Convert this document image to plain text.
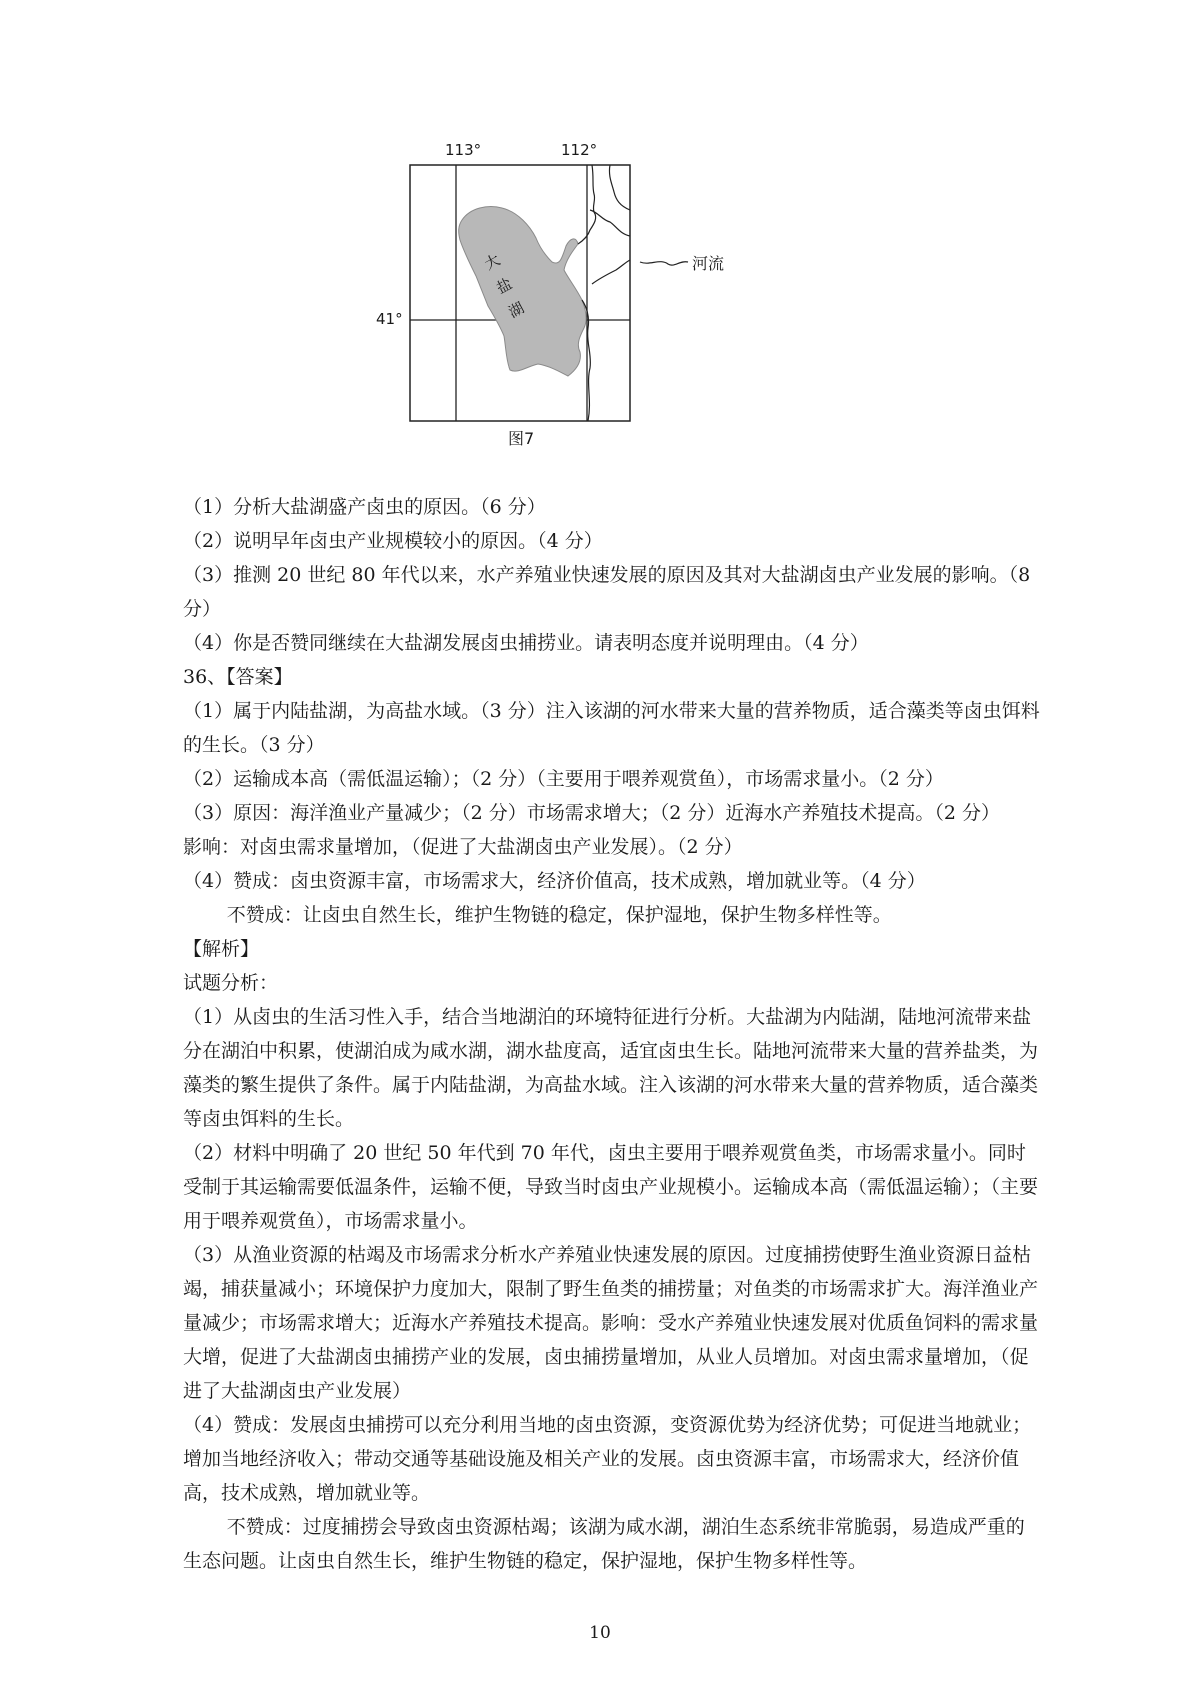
大
盐
湖
113°	112°
41°
河流
图7

（1）分析大盐湖盛产卤虫的原因。（6 分）

（2）说明早年卤虫产业规模较小的原因。（4 分）

（3）推测 20 世纪 80 年代以来，水产养殖业快速发展的原因及其对大盐湖卤虫产业发展的影响。（8 分）

（4）你是否赞同继续在大盐湖发展卤虫捕捞业。请表明态度并说明理由。（4 分）

36、【答案】

（1）属于内陆盐湖，为高盐水域。（3 分）注入该湖的河水带来大量的营养物质，适合藻类等卤虫饵料的生长。（3 分）

（2）运输成本高（需低温运输）；（2 分）（主要用于喂养观赏鱼），市场需求量小。（2 分）

（3）原因：海洋渔业产量减少；（2 分）市场需求增大；（2 分）近海水产养殖技术提高。（2 分）

影响：对卤虫需求量增加，（促进了大盐湖卤虫产业发展）。（2 分）

（4）赞成：卤虫资源丰富，市场需求大，经济价值高，技术成熟，增加就业等。（4 分）

不赞成：让卤虫自然生长，维护生物链的稳定，保护湿地，保护生物多样性等。

【解析】

试题分析：

（1）从卤虫的生活习性入手，结合当地湖泊的环境特征进行分析。大盐湖为内陆湖，陆地河流带来盐分在湖泊中积累，使湖泊成为咸水湖，湖水盐度高，适宜卤虫生长。陆地河流带来大量的营养盐类，为藻类的繁生提供了条件。属于内陆盐湖，为高盐水域。注入该湖的河水带来大量的营养物质，适合藻类等卤虫饵料的生长。

（2）材料中明确了 20 世纪 50 年代到 70 年代，卤虫主要用于喂养观赏鱼类，市场需求量小。同时受制于其运输需要低温条件，运输不便，导致当时卤虫产业规模小。运输成本高（需低温运输）；（主要用于喂养观赏鱼），市场需求量小。

（3）从渔业资源的枯竭及市场需求分析水产养殖业快速发展的原因。过度捕捞使野生渔业资源日益枯竭，捕获量减小；环境保护力度加大，限制了野生鱼类的捕捞量；对鱼类的市场需求扩大。海洋渔业产量减少；市场需求增大；近海水产养殖技术提高。影响：受水产养殖业快速发展对优质鱼饲料的需求量大增，促进了大盐湖卤虫捕捞产业的发展，卤虫捕捞量增加，从业人员增加。对卤虫需求量增加，（促进了大盐湖卤虫产业发展）

（4）赞成：发展卤虫捕捞可以充分利用当地的卤虫资源，变资源优势为经济优势；可促进当地就业；增加当地经济收入；带动交通等基础设施及相关产业的发展。卤虫资源丰富，市场需求大，经济价值高，技术成熟，增加就业等。

不赞成：过度捕捞会导致卤虫资源枯竭；该湖为咸水湖，湖泊生态系统非常脆弱，易造成严重的生态问题。让卤虫自然生长，维护生物链的稳定，保护湿地，保护生物多样性等。

10
